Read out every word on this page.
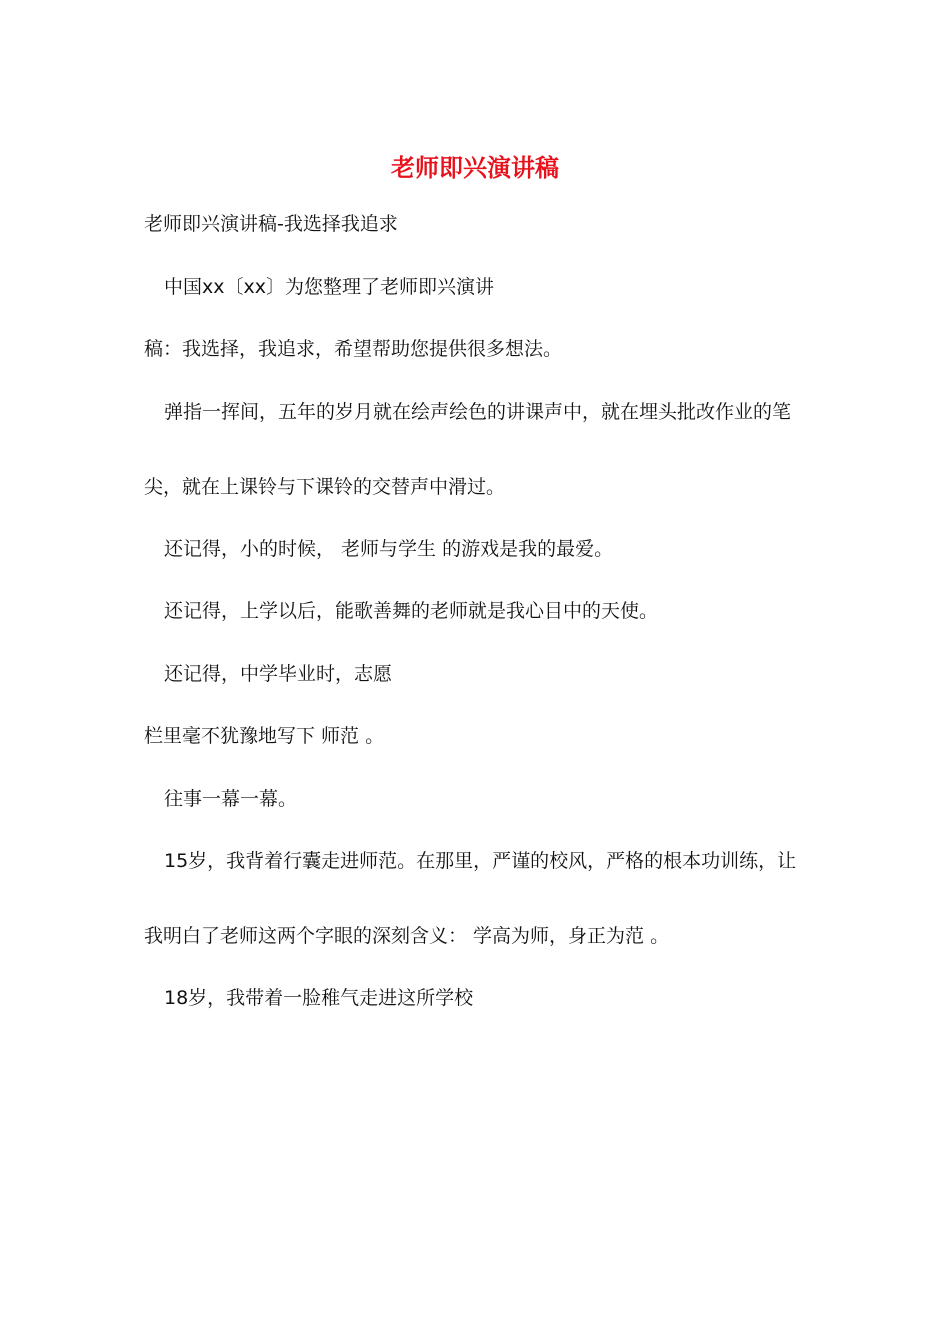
老师即兴演讲稿
老师即兴演讲稿-我选择我追求
中国xx〔xx〕为您整理了老师即兴演讲
稿：我选择，我追求，希望帮助您提供很多想法。
弹指一挥间，五年的岁月就在绘声绘色的讲课声中，就在埋头批改作业的笔
尖，就在上课铃与下课铃的交替声中滑过。
还记得，小的时候， 老师与学生 的游戏是我的最爱。
还记得，上学以后，能歌善舞的老师就是我心目中的天使。
还记得，中学毕业时，志愿
栏里毫不犹豫地写下 师范 。
往事一幕一幕。
15岁，我背着行囊走进师范。在那里，严谨的校风，严格的根本功训练，让
我明白了老师这两个字眼的深刻含义： 学高为师，身正为范 。
18岁，我带着一脸稚气走进这所学校
